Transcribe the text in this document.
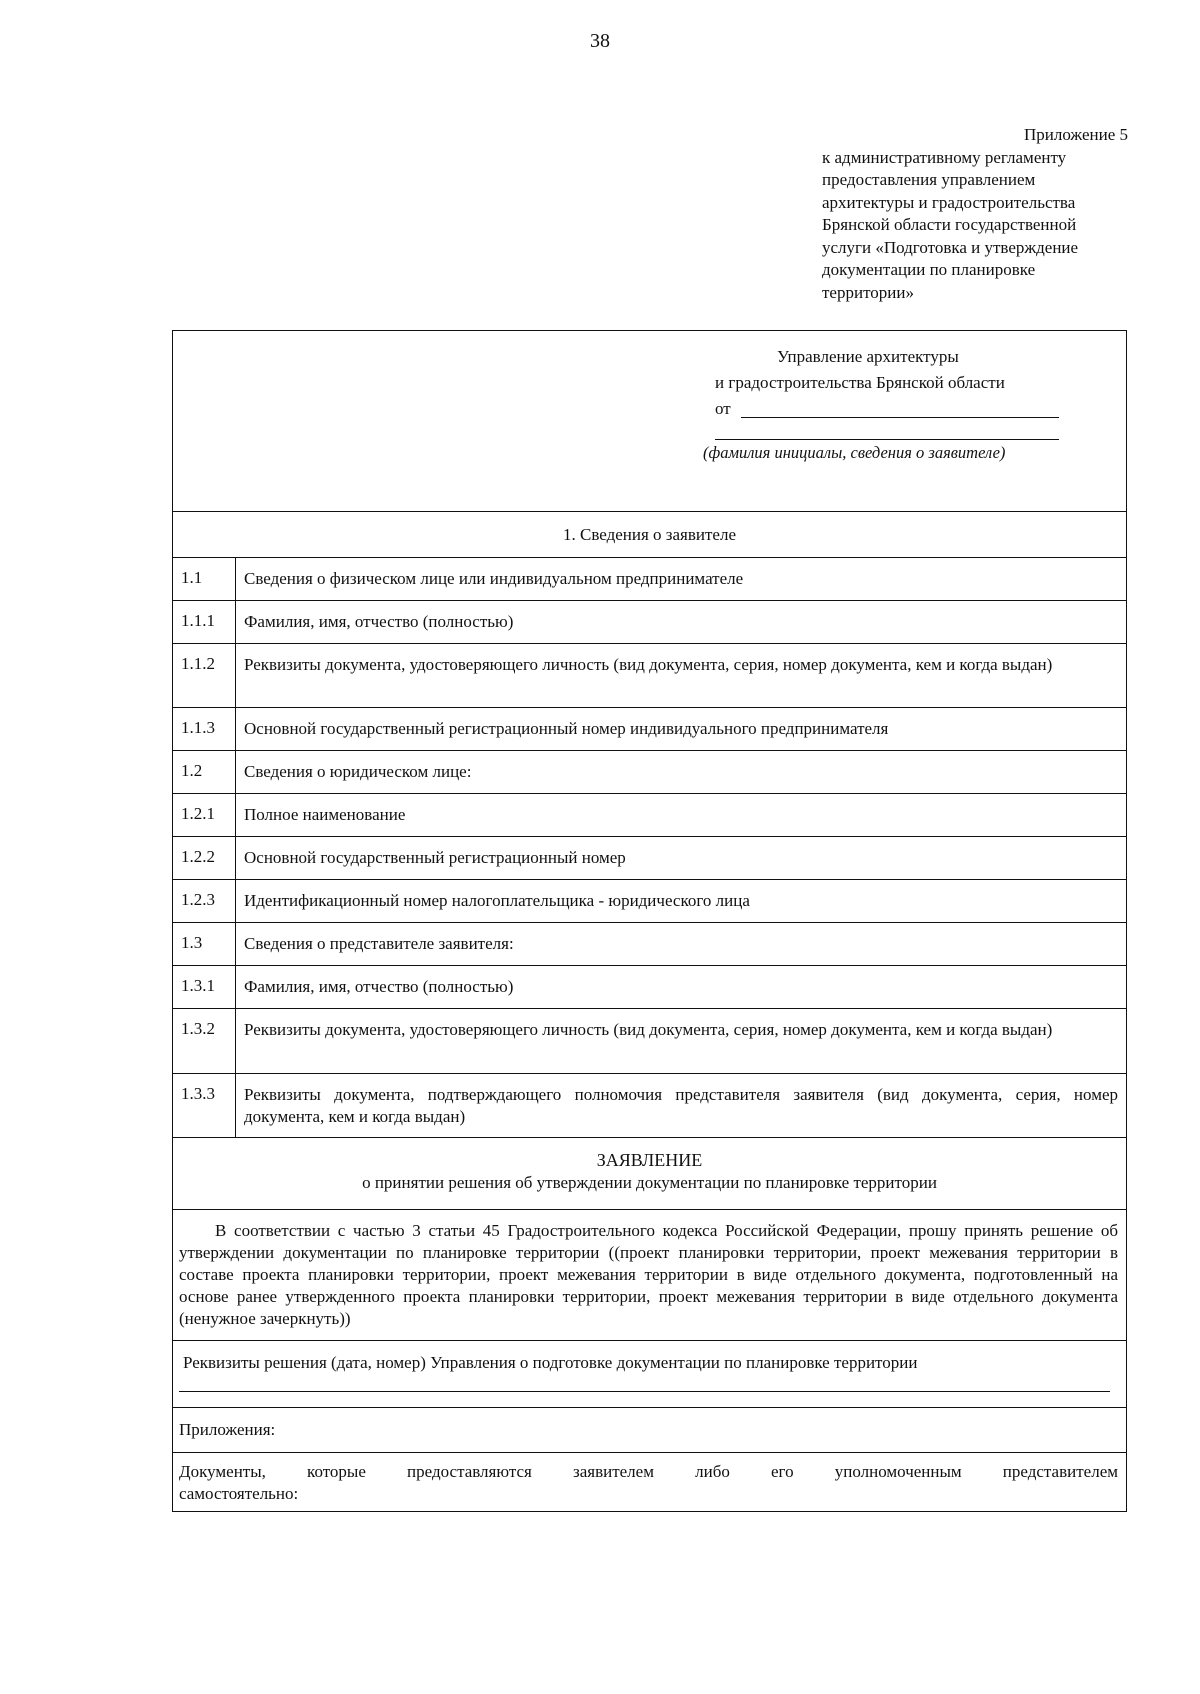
38
Приложение 5
к административному регламенту
предоставления управлением
архитектуры и градостроительства
Брянской области государственной
услуги «Подготовка и утверждение
документации по планировке
территории»
Управление архитектуры
и градостроительства Брянской области
от
(фамилия инициалы, сведения о заявителе)
1. Сведения о заявителе
1.1	Сведения о физическом лице или индивидуальном предпринимателе
1.1.1	Фамилия, имя, отчество (полностью)
1.1.2	Реквизиты документа, удостоверяющего личность (вид документа, серия, номер документа, кем и когда выдан)
1.1.3	Основной государственный регистрационный номер индивидуального предпринимателя
1.2	Сведения о юридическом лице:
1.2.1	Полное наименование
1.2.2	Основной государственный регистрационный номер
1.2.3	Идентификационный номер налогоплательщика - юридического лица
1.3	Сведения о представителе заявителя:
1.3.1	Фамилия, имя, отчество (полностью)
1.3.2	Реквизиты документа, удостоверяющего личность (вид документа, серия, номер документа, кем и когда выдан)
1.3.3	Реквизиты документа, подтверждающего полномочия представителя заявителя (вид документа, серия, номер документа, кем и когда выдан)
ЗАЯВЛЕНИЕ
о принятии решения об утверждении документации по планировке территории
В соответствии с частью 3 статьи 45 Градостроительного кодекса Российской Федерации, прошу принять решение об утверждении документации по планировке территории ((проект планировки территории, проект межевания территории в составе проекта планировки территории, проект межевания территории в виде отдельного документа, подготовленный на основе ранее утвержденного проекта планировки территории, проект межевания территории в виде отдельного документа (ненужное зачеркнуть))
Реквизиты решения (дата, номер) Управления о подготовке документации по планировке территории
Приложения:
Документы, которые предоставляются заявителем либо его уполномоченным представителем
самостоятельно:
